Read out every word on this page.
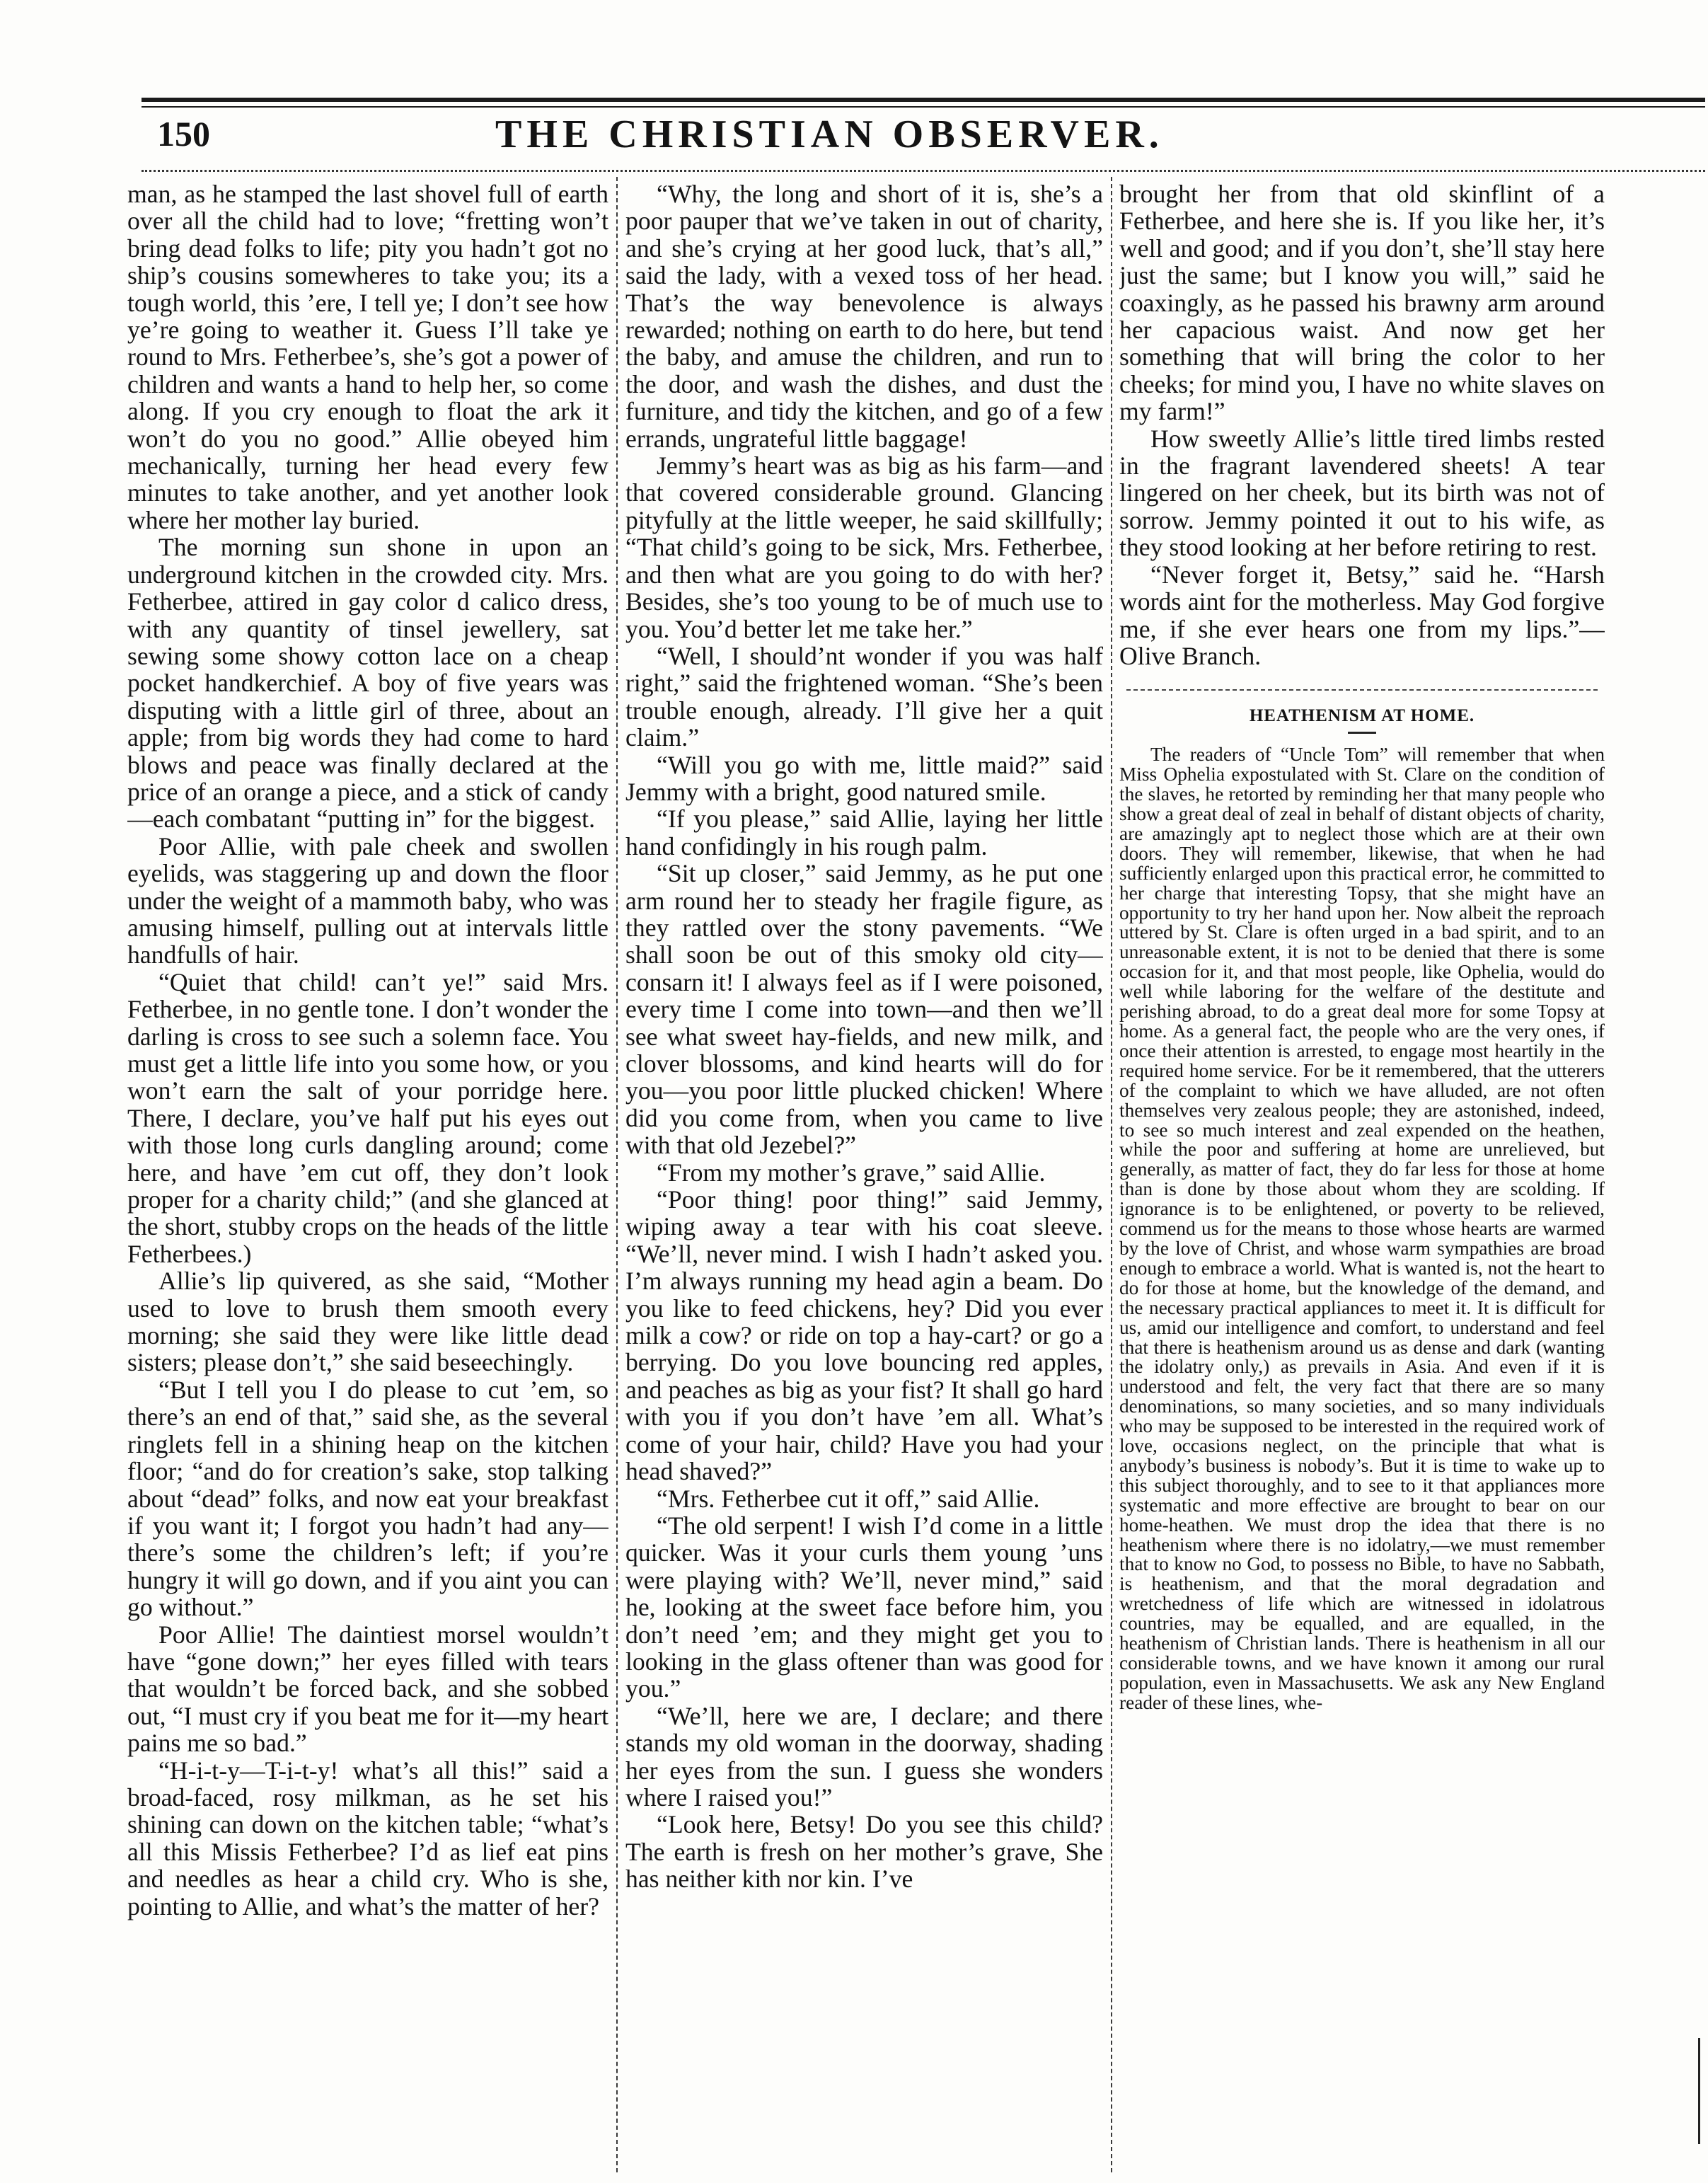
150	THE CHRISTIAN OBSERVER.

man, as he stamped the last shovel full of earth over all the child had to love; “fretting won’t bring dead folks to life; pity you hadn’t got no ship’s cousins somewheres to take you; its a tough world, this ’ere, I tell ye; I don’t see how ye’re going to weather it. Guess I’ll take ye round to Mrs. Fetherbee’s, she’s got a power of children and wants a hand to help her, so come along. If you cry enough to float the ark it won’t do you no good.” Allie obeyed him mechanically, turning her head every few minutes to take another, and yet another look where her mother lay buried.

The morning sun shone in upon an underground kitchen in the crowded city. Mrs. Fetherbee, attired in gay color d calico dress, with any quantity of tinsel jewellery, sat sewing some showy cotton lace on a cheap pocket handkerchief. A boy of five years was disputing with a little girl of three, about an apple; from big words they had come to hard blows and peace was finally declared at the price of an orange a piece, and a stick of candy—each combatant “putting in” for the biggest.

Poor Allie, with pale cheek and swollen eyelids, was staggering up and down the floor under the weight of a mammoth baby, who was amusing himself, pulling out at intervals little handfulls of hair.

“Quiet that child! can’t ye!” said Mrs. Fetherbee, in no gentle tone. I don’t wonder the darling is cross to see such a solemn face. You must get a little life into you some how, or you won’t earn the salt of your porridge here. There, I declare, you’ve half put his eyes out with those long curls dangling around; come here, and have ’em cut off, they don’t look proper for a charity child;” (and she glanced at the short, stubby crops on the heads of the little Fetherbees.)

Allie’s lip quivered, as she said, “Mother used to love to brush them smooth every morning; she said they were like little dead sisters; please don’t,” she said beseechingly.

“But I tell you I do please to cut ’em, so there’s an end of that,” said she, as the several ringlets fell in a shining heap on the kitchen floor; “and do for creation’s sake, stop talking about “dead” folks, and now eat your breakfast if you want it; I forgot you hadn’t had any—there’s some the children’s left; if you’re hungry it will go down, and if you aint you can go without.”

Poor Allie! The daintiest morsel wouldn’t have “gone down;” her eyes filled with tears that wouldn’t be forced back, and she sobbed out, “I must cry if you beat me for it—my heart pains me so bad.”

“H-i-t-y—T-i-t-y! what’s all this!” said a broad-faced, rosy milkman, as he set his shining can down on the kitchen table; “what’s all this Missis Fetherbee? I’d as lief eat pins and needles as hear a child cry. Who is she, pointing to Allie, and what’s the matter of her?

“Why, the long and short of it is, she’s a poor pauper that we’ve taken in out of charity, and she’s crying at her good luck, that’s all,” said the lady, with a vexed toss of her head. That’s the way benevolence is always rewarded; nothing on earth to do here, but tend the baby, and amuse the children, and run to the door, and wash the dishes, and dust the furniture, and tidy the kitchen, and go of a few errands, ungrateful little baggage!

Jemmy’s heart was as big as his farm—and that covered considerable ground. Glancing pityfully at the little weeper, he said skillfully; “That child’s going to be sick, Mrs. Fetherbee, and then what are you going to do with her? Besides, she’s too young to be of much use to you. You’d better let me take her.”

“Well, I should’nt wonder if you was half right,” said the frightened woman. “She’s been trouble enough, already. I’ll give her a quit claim.”

“Will you go with me, little maid?” said Jemmy with a bright, good natured smile.

“If you please,” said Allie, laying her little hand confidingly in his rough palm.

“Sit up closer,” said Jemmy, as he put one arm round her to steady her fragile figure, as they rattled over the stony pavements. “We shall soon be out of this smoky old city—consarn it! I always feel as if I were poisoned, every time I come into town—and then we’ll see what sweet hay-fields, and new milk, and clover blossoms, and kind hearts will do for you—you poor little plucked chicken! Where did you come from, when you came to live with that old Jezebel?”

“From my mother’s grave,” said Allie.

“Poor thing! poor thing!” said Jemmy, wiping away a tear with his coat sleeve. “We’ll, never mind. I wish I hadn’t asked you. I’m always running my head agin a beam. Do you like to feed chickens, hey? Did you ever milk a cow? or ride on top a hay-cart? or go a berrying. Do you love bouncing red apples, and peaches as big as your fist? It shall go hard with you if you don’t have ’em all. What’s come of your hair, child? Have you had your head shaved?”

“Mrs. Fetherbee cut it off,” said Allie.

“The old serpent! I wish I’d come in a little quicker. Was it your curls them young ’uns were playing with? We’ll, never mind,” said he, looking at the sweet face before him, you don’t need ’em; and they might get you to looking in the glass oftener than was good for you.”

“We’ll, here we are, I declare; and there stands my old woman in the doorway, shading her eyes from the sun. I guess she wonders where I raised you!”

“Look here, Betsy! Do you see this child? The earth is fresh on her mother’s grave, She has neither kith nor kin. I’ve

brought her from that old skinflint of a Fetherbee, and here she is. If you like her, it’s well and good; and if you don’t, she’ll stay here just the same; but I know you will,” said he coaxingly, as he passed his brawny arm around her capacious waist. And now get her something that will bring the color to her cheeks; for mind you, I have no white slaves on my farm!”

How sweetly Allie’s little tired limbs rested in the fragrant lavendered sheets! A tear lingered on her cheek, but its birth was not of sorrow. Jemmy pointed it out to his wife, as they stood looking at her before retiring to rest.

“Never forget it, Betsy,” said he. “Harsh words aint for the motherless. May God forgive me, if she ever hears one from my lips.”—Olive Branch.

HEATHENISM AT HOME.

The readers of “Uncle Tom” will remember that when Miss Ophelia expostulated with St. Clare on the condition of the slaves, he retorted by reminding her that many people who show a great deal of zeal in behalf of distant objects of charity, are amazingly apt to neglect those which are at their own doors. They will remember, likewise, that when he had sufficiently enlarged upon this practical error, he committed to her charge that interesting Topsy, that she might have an opportunity to try her hand upon her. Now albeit the reproach uttered by St. Clare is often urged in a bad spirit, and to an unreasonable extent, it is not to be denied that there is some occasion for it, and that most people, like Ophelia, would do well while laboring for the welfare of the destitute and perishing abroad, to do a great deal more for some Topsy at home. As a general fact, the people who are the very ones, if once their attention is arrested, to engage most heartily in the required home service. For be it remembered, that the utterers of the complaint to which we have alluded, are not often themselves very zealous people; they are astonished, indeed, to see so much interest and zeal expended on the heathen, while the poor and suffering at home are unrelieved, but generally, as matter of fact, they do far less for those at home than is done by those about whom they are scolding. If ignorance is to be enlightened, or poverty to be relieved, commend us for the means to those whose hearts are warmed by the love of Christ, and whose warm sympathies are broad enough to embrace a world. What is wanted is, not the heart to do for those at home, but the knowledge of the demand, and the necessary practical appliances to meet it. It is difficult for us, amid our intelligence and comfort, to understand and feel that there is heathenism around us as dense and dark (wanting the idolatry only,) as prevails in Asia. And even if it is understood and felt, the very fact that there are so many denominations, so many societies, and so many individuals who may be supposed to be interested in the required work of love, occasions neglect, on the principle that what is anybody’s business is nobody’s. But it is time to wake up to this subject thoroughly, and to see to it that appliances more systematic and more effective are brought to bear on our home-heathen. We must drop the idea that there is no heathenism where there is no idolatry,—we must remember that to know no God, to possess no Bible, to have no Sabbath, is heathenism, and that the moral degradation and wretchedness of life which are witnessed in idolatrous countries, may be equalled, and are equalled, in the heathenism of Christian lands. There is heathenism in all our considerable towns, and we have known it among our rural population, even in Massachusetts. We ask any New England reader of these lines, whe-
